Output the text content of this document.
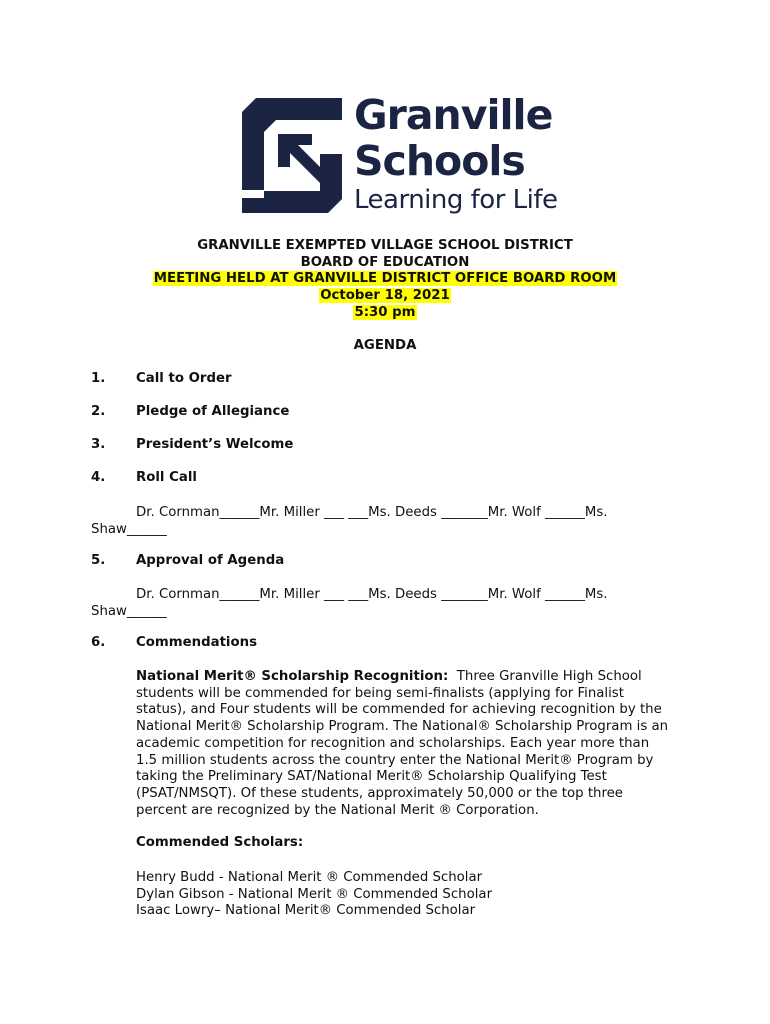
Granville
Schools
Learning for Life
GRANVILLE EXEMPTED VILLAGE SCHOOL DISTRICT
BOARD OF EDUCATION
MEETING HELD AT GRANVILLE DISTRICT OFFICE BOARD ROOM
October 18, 2021
5:30 pm
AGENDA
1. Call to Order
2. Pledge of Allegiance
3. President’s Welcome
4. Roll Call
Dr. Cornman______Mr. Miller ___ ___Ms. Deeds _______Mr. Wolf ______Ms.
Shaw______
5. Approval of Agenda
Dr. Cornman______Mr. Miller ___ ___Ms. Deeds _______Mr. Wolf ______Ms.
Shaw______
6. Commendations
National Merit® Scholarship Recognition: Three Granville High School students will be commended for being semi-finalists (applying for Finalist status), and Four students will be commended for achieving recognition by the National Merit® Scholarship Program. The National® Scholarship Program is an academic competition for recognition and scholarships. Each year more than 1.5 million students across the country enter the National Merit® Program by taking the Preliminary SAT/National Merit® Scholarship Qualifying Test (PSAT/NMSQT). Of these students, approximately 50,000 or the top three percent are recognized by the National Merit ® Corporation.
Commended Scholars:
Henry Budd - National Merit ® Commended Scholar
Dylan Gibson - National Merit ® Commended Scholar
Isaac Lowry– National Merit® Commended Scholar
